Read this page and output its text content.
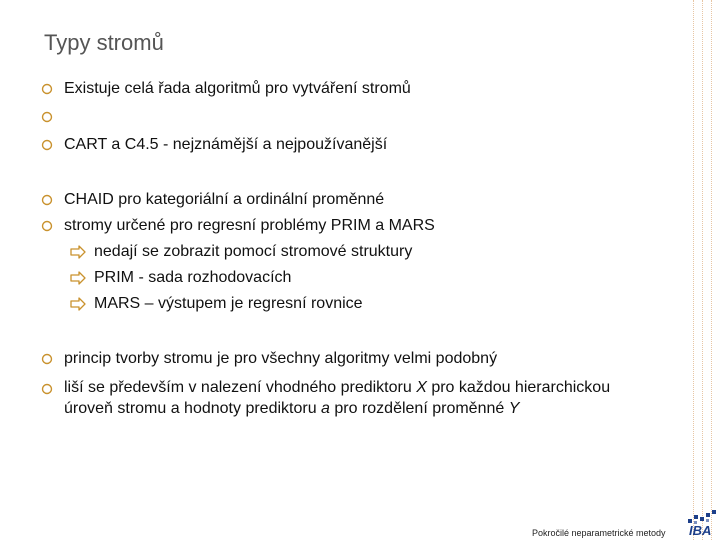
Typy stromů
Existuje celá řada algoritmů pro vytváření stromů
CART a C4.5 - nejznámější a nejpoužívanější
CHAID pro kategoriální a ordinální proměnné
stromy určené pro regresní problémy PRIM a MARS
nedají se zobrazit pomocí stromové struktury
PRIM - sada rozhodovacích
MARS – výstupem je regresní rovnice
princip tvorby stromu je pro všechny algoritmy velmi podobný
liší se především v nalezení vhodného prediktoru X pro každou hierarchickou úroveň stromu a hodnoty prediktoru a pro rozdělení proměnné Y
Pokročilé neparametrické metody IBA
